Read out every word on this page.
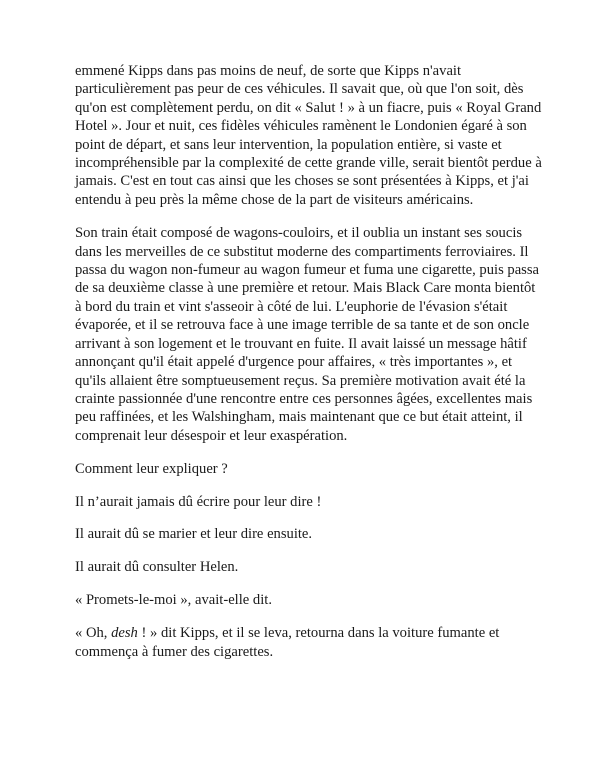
emmené Kipps dans pas moins de neuf, de sorte que Kipps n'avait particulièrement pas peur de ces véhicules. Il savait que, où que l'on soit, dès qu'on est complètement perdu, on dit « Salut ! » à un fiacre, puis « Royal Grand Hotel ». Jour et nuit, ces fidèles véhicules ramènent le Londonien égaré à son point de départ, et sans leur intervention, la population entière, si vaste et incompréhensible par la complexité de cette grande ville, serait bientôt perdue à jamais. C'est en tout cas ainsi que les choses se sont présentées à Kipps, et j'ai entendu à peu près la même chose de la part de visiteurs américains.

Son train était composé de wagons-couloirs, et il oublia un instant ses soucis dans les merveilles de ce substitut moderne des compartiments ferroviaires. Il passa du wagon non-fumeur au wagon fumeur et fuma une cigarette, puis passa de sa deuxième classe à une première et retour. Mais Black Care monta bientôt à bord du train et vint s'asseoir à côté de lui. L'euphorie de l'évasion s'était évaporée, et il se retrouva face à une image terrible de sa tante et de son oncle arrivant à son logement et le trouvant en fuite. Il avait laissé un message hâtif annonçant qu'il était appelé d'urgence pour affaires, « très importantes », et qu'ils allaient être somptueusement reçus. Sa première motivation avait été la crainte passionnée d'une rencontre entre ces personnes âgées, excellentes mais peu raffinées, et les Walshingham, mais maintenant que ce but était atteint, il comprenait leur désespoir et leur exaspération.

Comment leur expliquer ?

Il n’aurait jamais dû écrire pour leur dire !

Il aurait dû se marier et leur dire ensuite.

Il aurait dû consulter Helen.

« Promets-le-moi », avait-elle dit.

« Oh, desh ! » dit Kipps, et il se leva, retourna dans la voiture fumante et commença à fumer des cigarettes.
